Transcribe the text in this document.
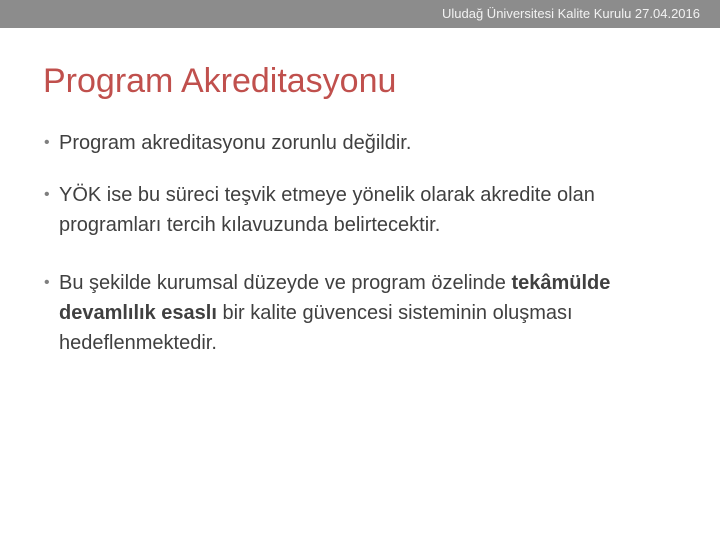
Uludağ Üniversitesi Kalite Kurulu 27.04.2016
Program Akreditasyonu
• Program akreditasyonu zorunlu değildir.
• YÖK ise bu süreci teşvik etmeye yönelik olarak akredite olan programları tercih kılavuzunda belirtecektir.
• Bu şekilde kurumsal düzeyde ve program özelinde tekâmülde devamlılık esaslı bir kalite güvencesi sisteminin oluşması hedeflenmektedir.
